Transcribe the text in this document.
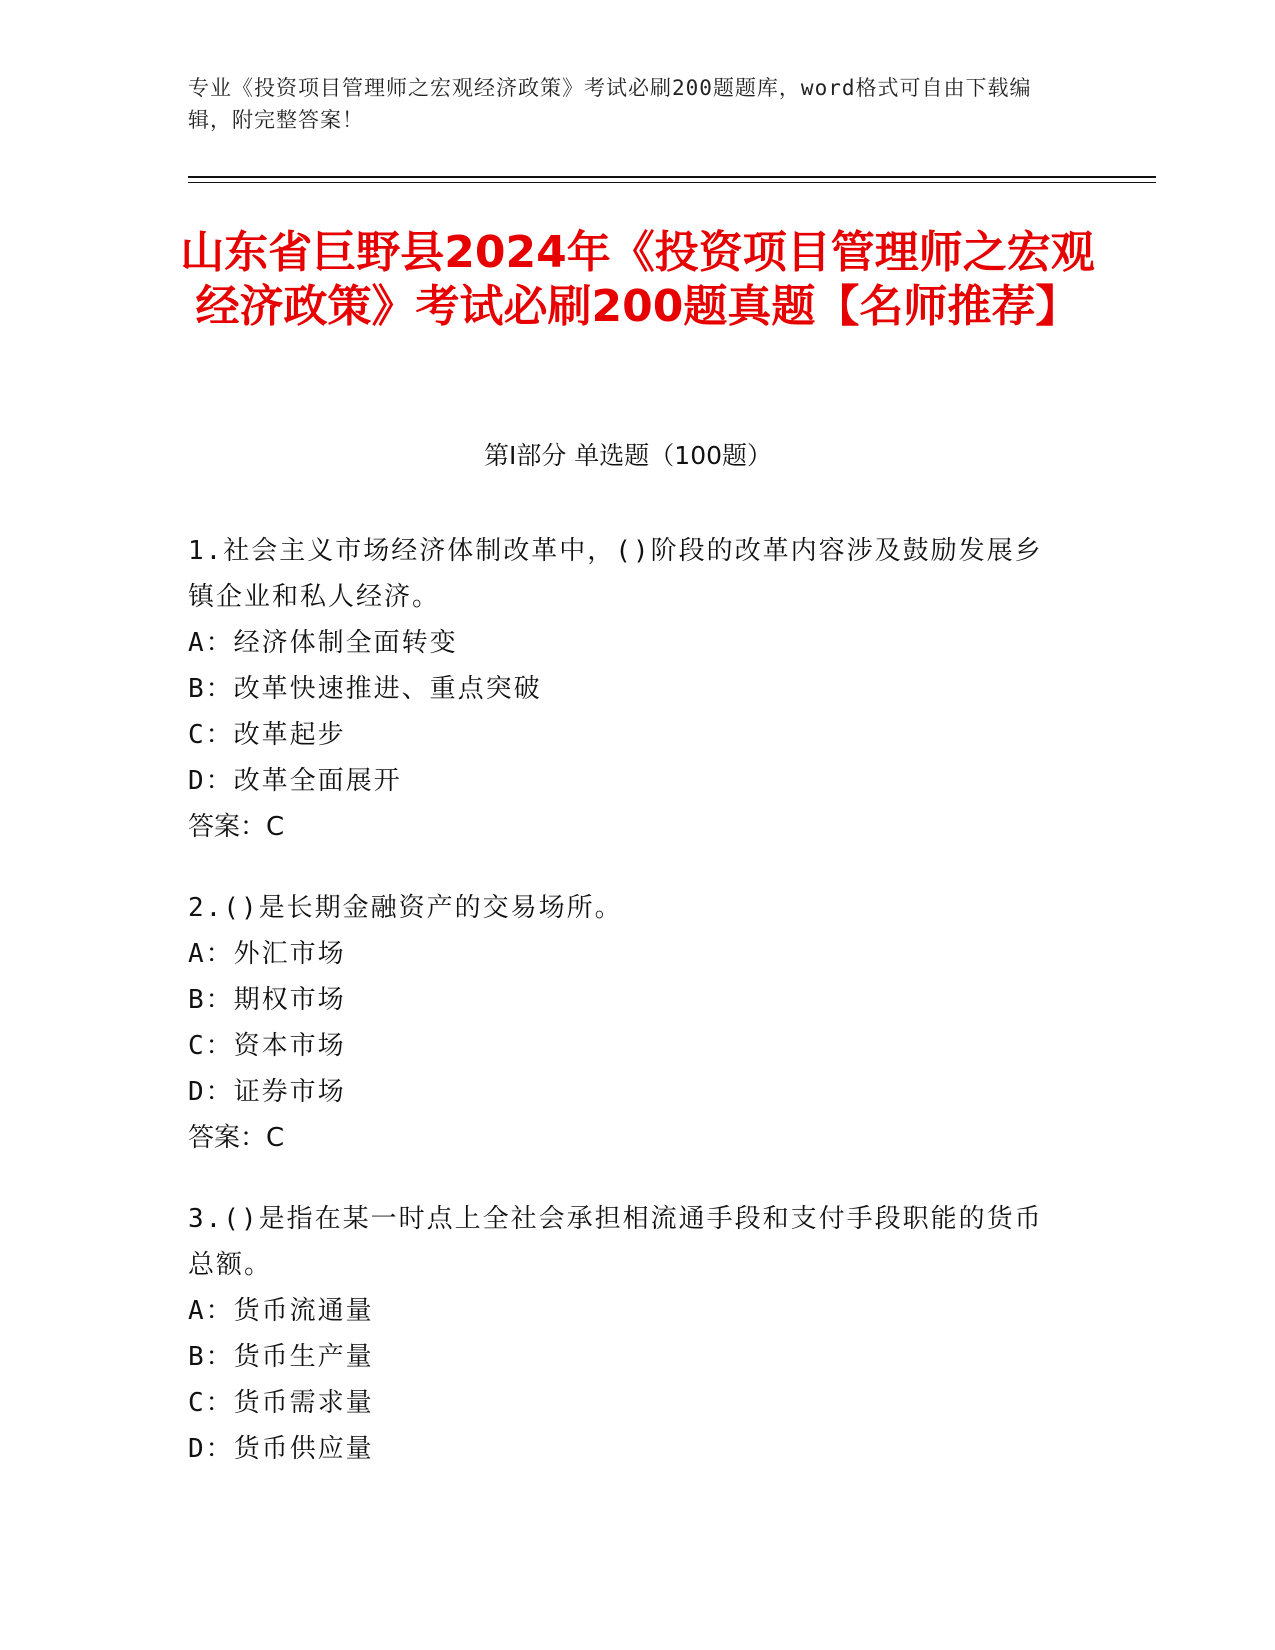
专业《投资项目管理师之宏观经济政策》考试必刷200题题库，word格式可自由下载编辑，附完整答案！
山东省巨野县2024年《投资项目管理师之宏观经济政策》考试必刷200题真题【名师推荐】
第Ⅰ部分 单选题（100题）
1.社会主义市场经济体制改革中，()阶段的改革内容涉及鼓励发展乡镇企业和私人经济。
A：经济体制全面转变
B：改革快速推进、重点突破
C：改革起步
D：改革全面展开
答案：C
2.()是长期金融资产的交易场所。
A：外汇市场
B：期权市场
C：资本市场
D：证券市场
答案：C
3.()是指在某一时点上全社会承担相流通手段和支付手段职能的货币总额。
A：货币流通量
B：货币生产量
C：货币需求量
D：货币供应量
